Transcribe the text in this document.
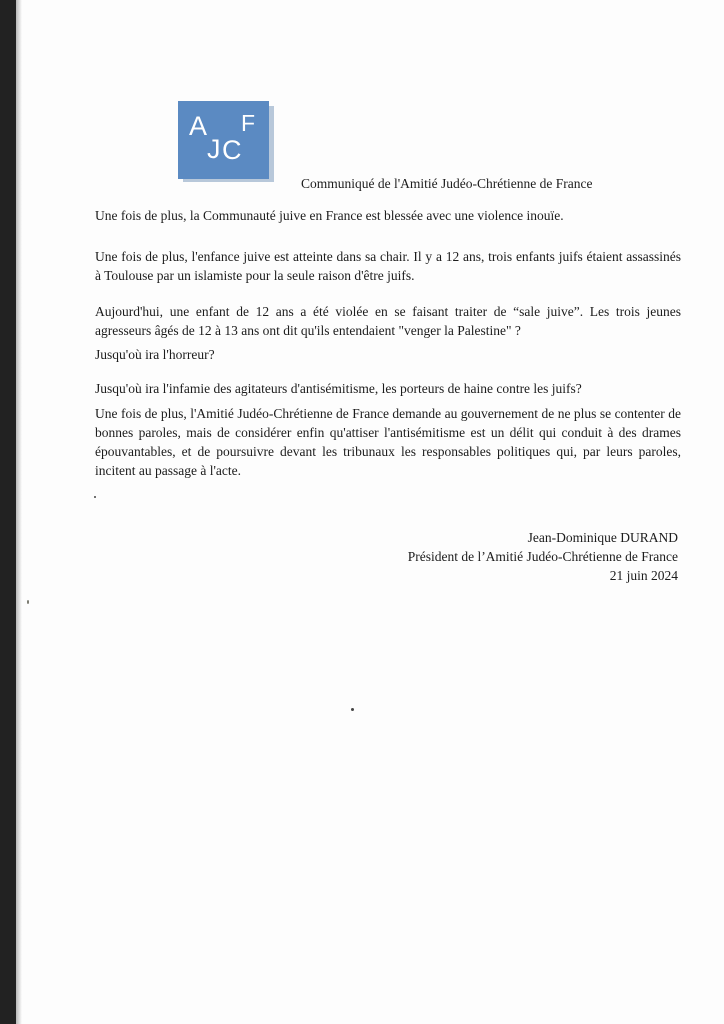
A
J C
F
Communiqué de l'Amitié Judéo-Chrétienne de France

Une fois de plus, la Communauté juive en France est blessée avec une violence inouïe.

Une fois de plus, l'enfance juive est atteinte dans sa chair. Il y a 12 ans, trois enfants juifs étaient assassinés à Toulouse par un islamiste pour la seule raison d'être juifs.

Aujourd'hui, une enfant de 12 ans a été violée en se faisant traiter de “sale juive”. Les trois jeunes agresseurs âgés de 12 à 13 ans ont dit qu'ils entendaient "venger la Palestine" ?

Jusqu'où ira l'horreur?

Jusqu'où ira l'infamie des agitateurs d'antisémitisme, les porteurs de haine contre les juifs?

Une fois de plus, l'Amitié Judéo-Chrétienne de France demande au gouvernement de ne plus se contenter de bonnes paroles, mais de considérer enfin qu'attiser l'antisémitisme est un délit qui conduit à des drames épouvantables, et de poursuivre devant les tribunaux les responsables politiques qui, par leurs paroles, incitent au passage à l'acte.

Jean-Dominique DURAND
Président de l’Amitié Judéo-Chrétienne de France
21 juin 2024
